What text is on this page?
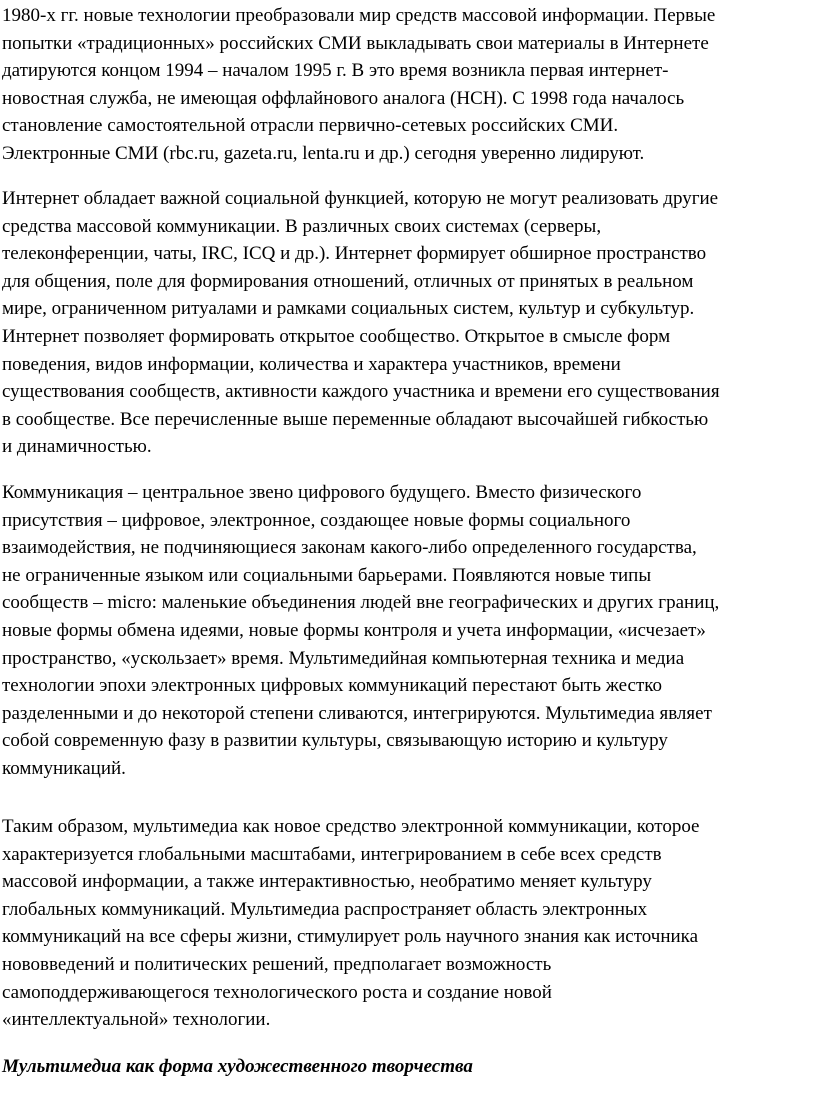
1980-х гг. новые технологии преобразовали мир средств массовой информации. Первые
попытки «традиционных» российских СМИ выкладывать свои материалы в Интернете
датируются концом 1994 – началом 1995 г. В это время возникла первая интернет-
новостная служба, не имеющая оффлайнового аналога (НСН). С 1998 года началось
становление самостоятельной отрасли первично-сетевых российских СМИ.
Электронные СМИ (rbc.ru, gazeta.ru, lenta.ru и др.) сегодня уверенно лидируют.
Интернет обладает важной социальной функцией, которую не могут реализовать другие
средства массовой коммуникации. В различных своих системах (серверы,
телеконференции, чаты, IRC, ICQ и др.). Интернет формирует обширное пространство
для общения, поле для формирования отношений, отличных от принятых в реальном
мире, ограниченном ритуалами и рамками социальных систем, культур и субкультур.
Интернет позволяет формировать открытое сообщество. Открытое в смысле форм
поведения, видов информации, количества и характера участников, времени
существования сообществ, активности каждого участника и времени его существования
в сообществе. Все перечисленные выше переменные обладают высочайшей гибкостью
и динамичностью.
Коммуникация – центральное звено цифрового будущего. Вместо физического
присутствия – цифровое, электронное, создающее новые формы социального
взаимодействия, не подчиняющиеся законам какого-либо определенного государства,
не ограниченные языком или социальными барьерами. Появляются новые типы
сообществ – micro: маленькие объединения людей вне географических и других границ,
новые формы обмена идеями, новые формы контроля и учета информации, «исчезает»
пространство, «ускользает» время. Мультимедийная компьютерная техника и медиа
технологии эпохи электронных цифровых коммуникаций перестают быть жестко
разделенными и до некоторой степени сливаются, интегрируются. Мультимедиа являет
собой современную фазу в развитии культуры, связывающую историю и культуру
коммуникаций.
Таким образом, мультимедиа как новое средство электронной коммуникации, которое
характеризуется глобальными масштабами, интегрированием в себе всех средств
массовой информации, а также интерактивностью, необратимо меняет культуру
глобальных коммуникаций. Мультимедиа распространяет область электронных
коммуникаций на все сферы жизни, стимулирует роль научного знания как источника
нововведений и политических решений, предполагает возможность
самоподдерживающегося технологического роста и создание новой
«интеллектуальной» технологии.
Мультимедиа как форма художественного творчества
